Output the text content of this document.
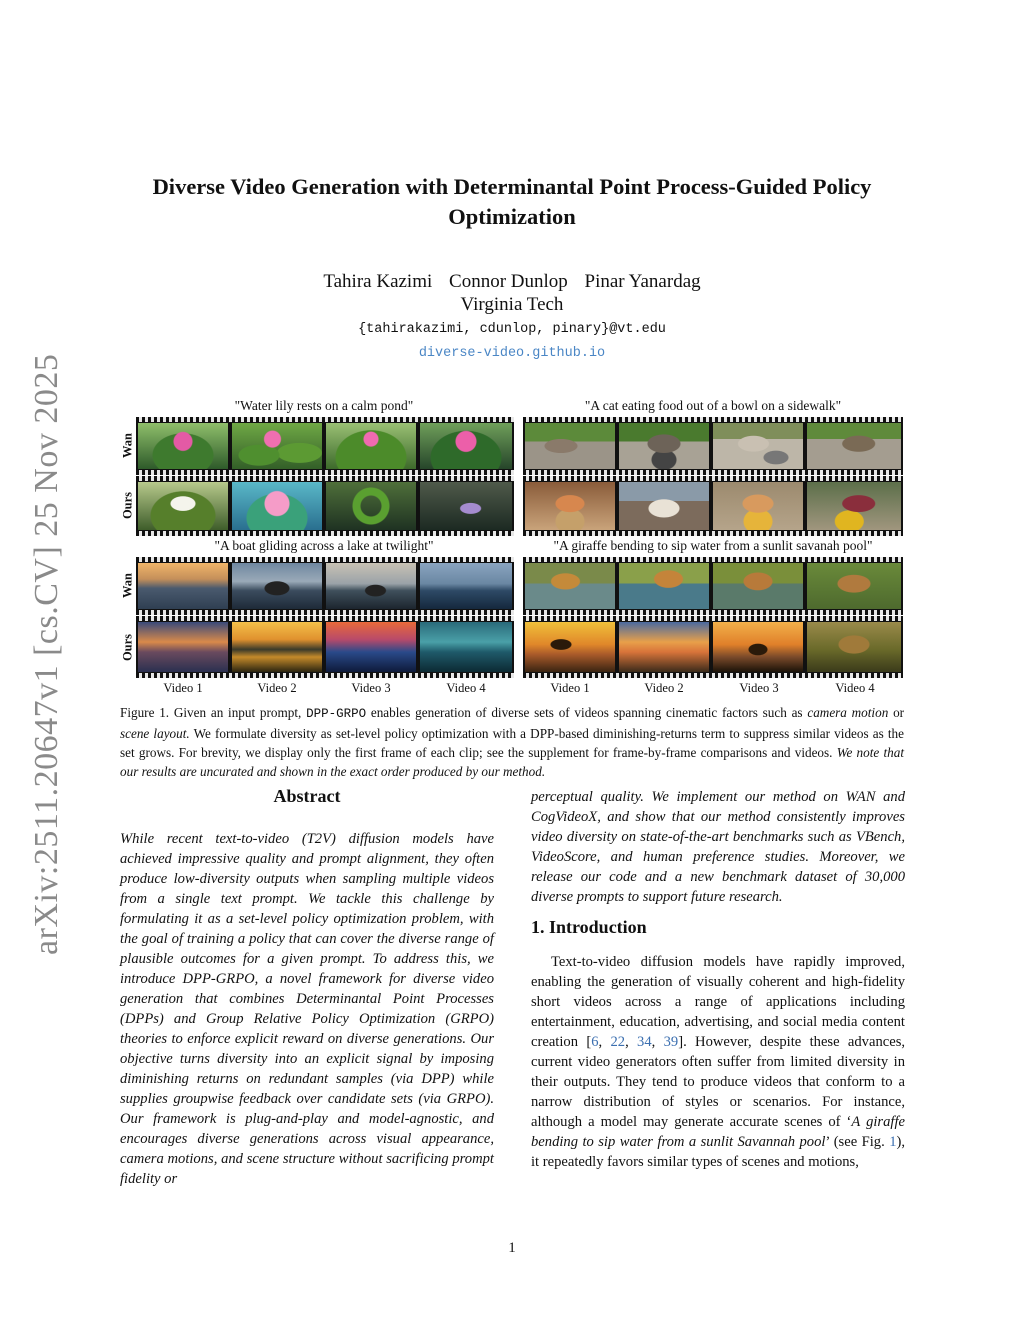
arXiv:2511.20647v1 [cs.CV] 25 Nov 2025
Diverse Video Generation with Determinantal Point Process-Guided Policy Optimization
Tahira Kazimi Connor Dunlop Pinar Yanardag
Virginia Tech
{tahirakazimi, cdunlop, pinary}@vt.edu
diverse-video.github.io
"Water lily rests on a calm pond"	"A cat eating food out of a bowl on a sidewalk"
"A boat gliding across a lake at twilight"	"A giraffe bending to sip water from a sunlit savanah pool"
Wan
Ours
Wan
Ours
Video 1	Video 2	Video 3	Video 4	Video 1	Video 2	Video 3	Video 4
Figure 1. Given an input prompt, DPP-GRPO enables generation of diverse sets of videos spanning cinematic factors such as camera motion or scene layout. We formulate diversity as set-level policy optimization with a DPP-based diminishing-returns term to suppress similar videos as the set grows. For brevity, we display only the first frame of each clip; see the supplement for frame-by-frame comparisons and videos. We note that our results are uncurated and shown in the exact order produced by our method.
Abstract

While recent text-to-video (T2V) diffusion models have achieved impressive quality and prompt alignment, they often produce low-diversity outputs when sampling multiple videos from a single text prompt. We tackle this challenge by formulating it as a set-level policy optimization problem, with the goal of training a policy that can cover the diverse range of plausible outcomes for a given prompt. To address this, we introduce DPP-GRPO, a novel framework for diverse video generation that combines Determinantal Point Processes (DPPs) and Group Relative Policy Optimization (GRPO) theories to enforce explicit reward on diverse generations. Our objective turns diversity into an explicit signal by imposing diminishing returns on redundant samples (via DPP) while supplies groupwise feedback over candidate sets (via GRPO). Our framework is plug-and-play and model-agnostic, and encourages diverse generations across visual appearance, camera motions, and scene structure without sacrificing prompt fidelity or

perceptual quality. We implement our method on WAN and CogVideoX, and show that our method consistently improves video diversity on state-of-the-art benchmarks such as VBench, VideoScore, and human preference studies. Moreover, we release our code and a new benchmark dataset of 30,000 diverse prompts to support future research.

1. Introduction

Text-to-video diffusion models have rapidly improved, enabling the generation of visually coherent and high-fidelity short videos across a range of applications including entertainment, education, advertising, and social media content creation [6, 22, 34, 39]. However, despite these advances, current video generators often suffer from limited diversity in their outputs. They tend to produce videos that conform to a narrow distribution of styles or scenarios. For instance, although a model may generate accurate scenes of ‘A giraffe bending to sip water from a sunlit Savannah pool’ (see Fig. 1), it repeatedly favors similar types of scenes and motions,

1
